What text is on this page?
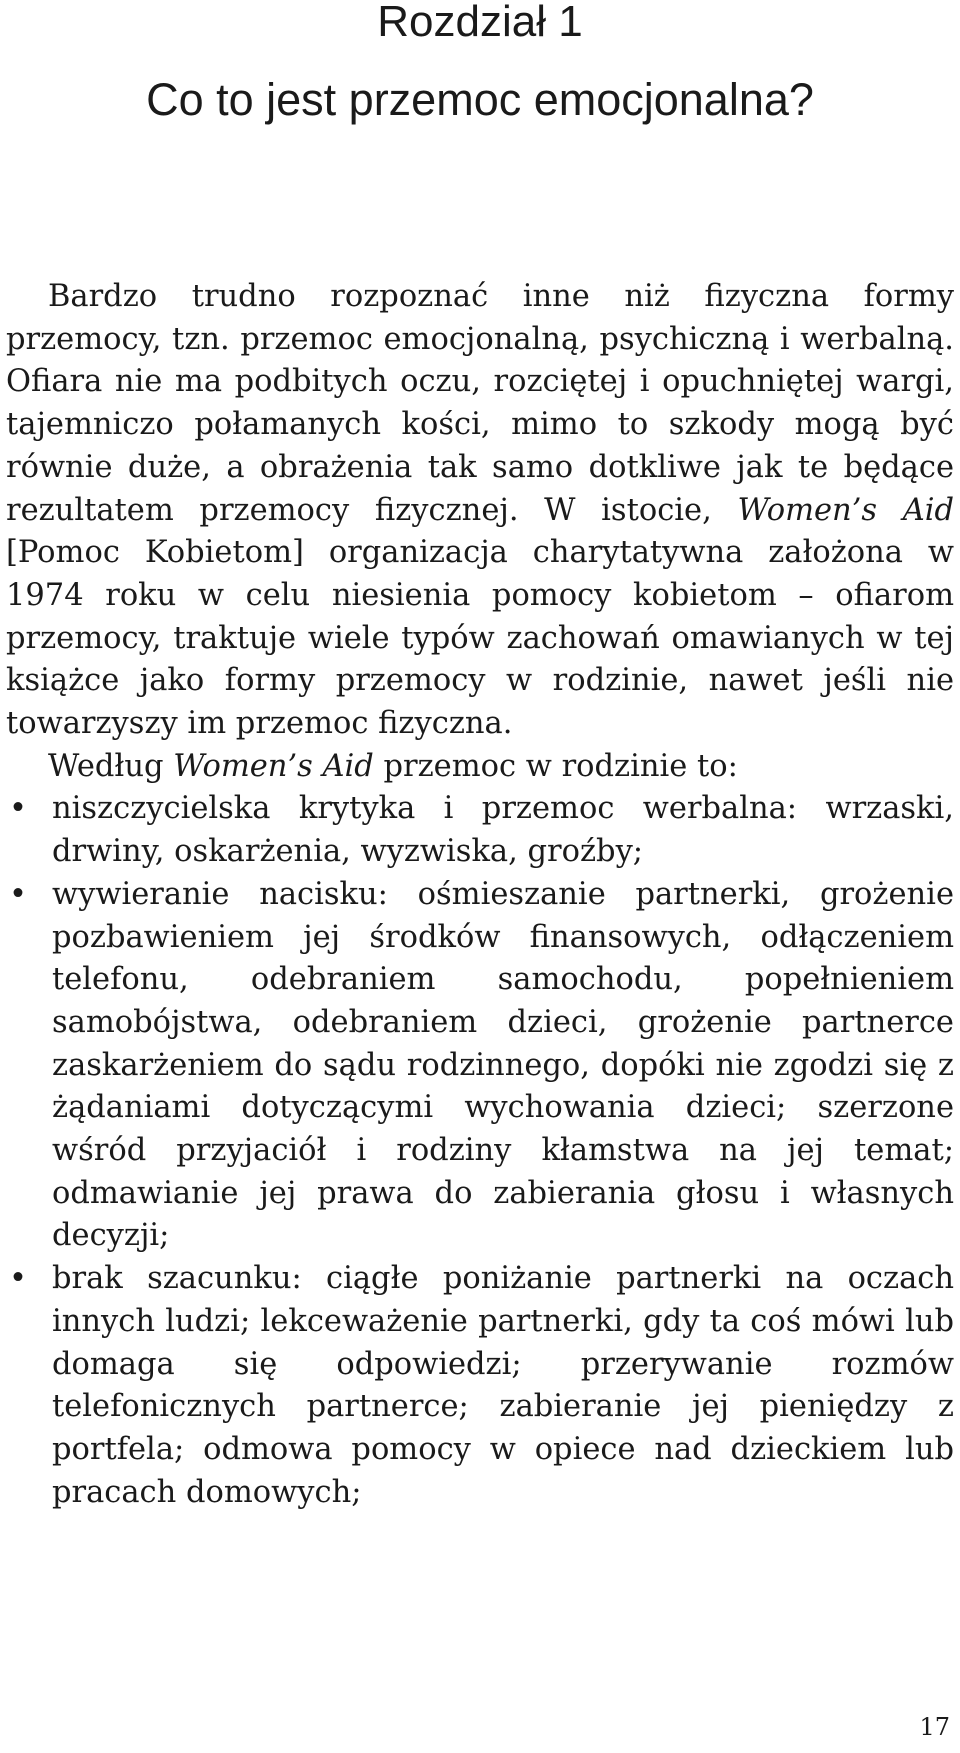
Rozdział 1
Co to jest przemoc emocjonalna?

Bardzo trudno rozpoznać inne niż fizyczna formy przemocy, tzn. przemoc emocjonalną, psychiczną i werbalną. Ofiara nie ma podbitych oczu, rozciętej i opuchniętej wargi, tajemniczo połamanych kości, mimo to szkody mogą być równie duże, a obrażenia tak samo dotkliwe jak te będące rezultatem przemocy fizycznej. W istocie, Women’s Aid [Pomoc Kobietom] organizacja charytatywna założona w 1974 roku w celu niesienia pomocy kobietom – ofiarom przemocy, traktuje wiele typów zachowań omawianych w tej książce jako formy przemocy w rodzinie, nawet jeśli nie towarzyszy im przemoc fizyczna.

Według Women’s Aid przemoc w rodzinie to:

• niszczycielska krytyka i przemoc werbalna: wrzaski, drwiny, oskarżenia, wyzwiska, groźby;
• wywieranie nacisku: ośmieszanie partnerki, grożenie pozbawieniem jej środków finansowych, odłączeniem telefonu, odebraniem samochodu, popełnieniem samobójstwa, odebraniem dzieci, grożenie partnerce zaskarżeniem do sądu rodzinnego, dopóki nie zgodzi się z żądaniami dotyczącymi wychowania dzieci; szerzone wśród przyjaciół i rodziny kłamstwa na jej temat; odmawianie jej prawa do zabierania głosu i własnych decyzji;
• brak szacunku: ciągłe poniżanie partnerki na oczach innych ludzi; lekceważenie partnerki, gdy ta coś mówi lub domaga się odpowiedzi; przerywanie rozmów telefonicznych partnerce; zabieranie jej pieniędzy z portfela; odmowa pomocy w opiece nad dzieckiem lub pracach domowych;
17
